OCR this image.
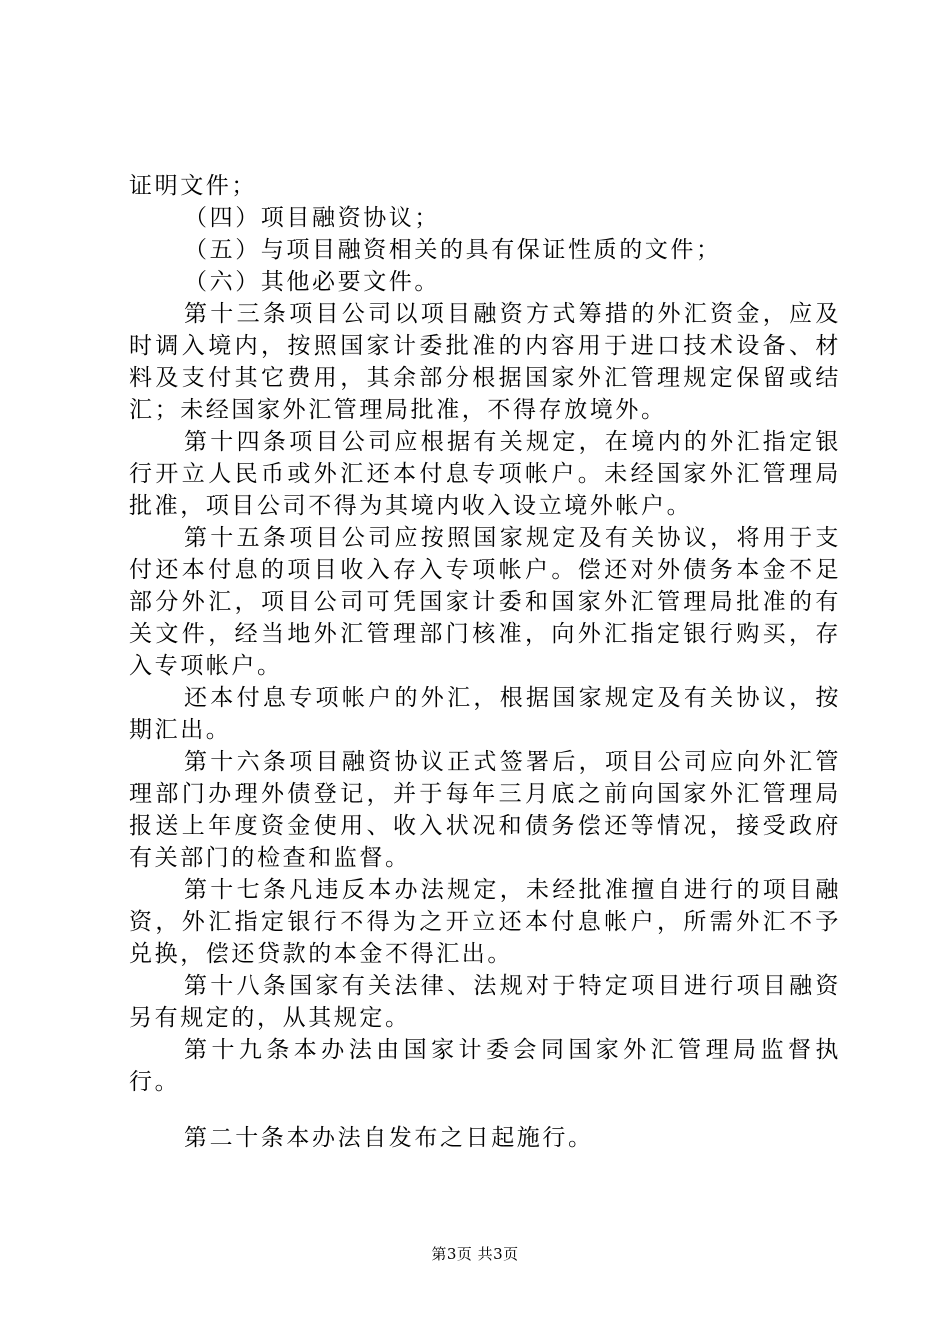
证明文件；

（四）项目融资协议；

（五）与项目融资相关的具有保证性质的文件；

（六）其他必要文件。

第十三条项目公司以项目融资方式筹措的外汇资金，应及时调入境内，按照国家计委批准的内容用于进口技术设备、材料及支付其它费用，其余部分根据国家外汇管理规定保留或结汇；未经国家外汇管理局批准，不得存放境外。

第十四条项目公司应根据有关规定，在境内的外汇指定银行开立人民币或外汇还本付息专项帐户。未经国家外汇管理局批准，项目公司不得为其境内收入设立境外帐户。

第十五条项目公司应按照国家规定及有关协议，将用于支付还本付息的项目收入存入专项帐户。偿还对外债务本金不足部分外汇，项目公司可凭国家计委和国家外汇管理局批准的有关文件，经当地外汇管理部门核准，向外汇指定银行购买，存入专项帐户。

还本付息专项帐户的外汇，根据国家规定及有关协议，按期汇出。

第十六条项目融资协议正式签署后，项目公司应向外汇管理部门办理外债登记，并于每年三月底之前向国家外汇管理局报送上年度资金使用、收入状况和债务偿还等情况，接受政府有关部门的检查和监督。

第十七条凡违反本办法规定，未经批准擅自进行的项目融资，外汇指定银行不得为之开立还本付息帐户，所需外汇不予兑换，偿还贷款的本金不得汇出。

第十八条国家有关法律、法规对于特定项目进行项目融资另有规定的，从其规定。

第十九条本办法由国家计委会同国家外汇管理局监督执行。

第二十条本办法自发布之日起施行。

第3页 共3页
